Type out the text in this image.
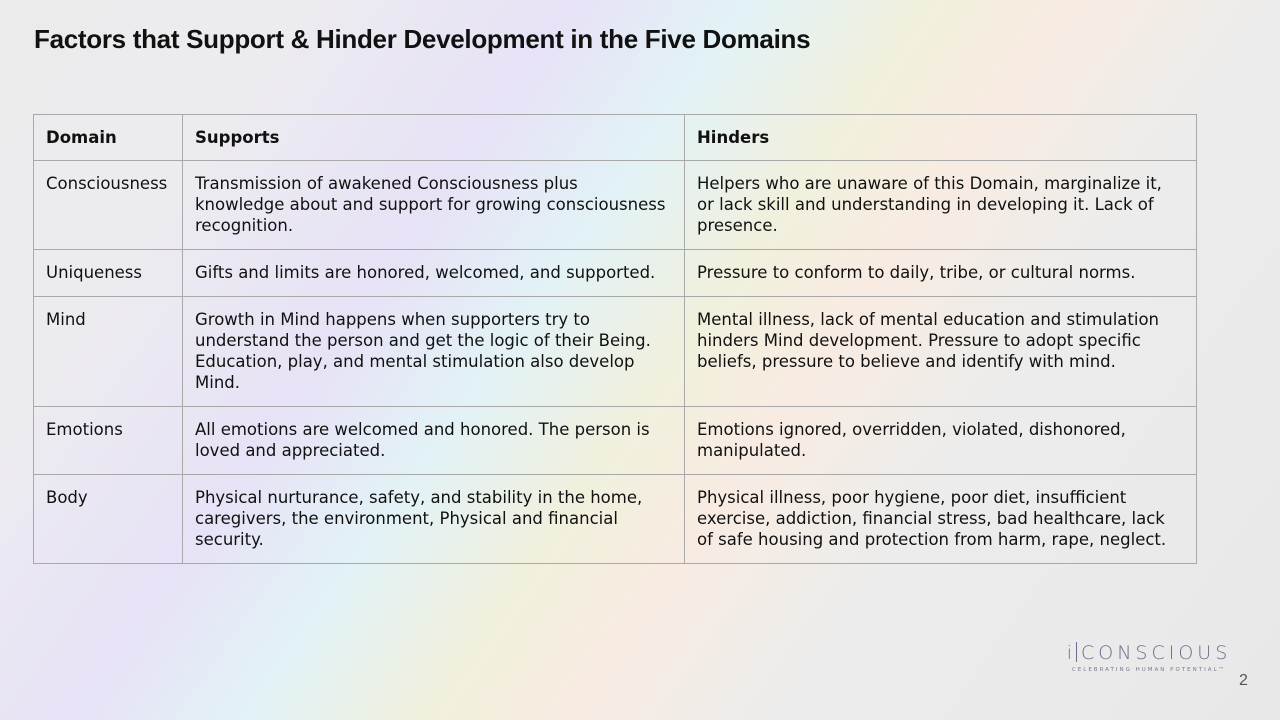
Factors that Support & Hinder Development in the Five Domains
Domain	Supports	Hinders
Consciousness	Transmission of awakened Consciousness plus knowledge about and support for growing consciousness recognition.	Helpers who are unaware of this Domain, marginalize it, or lack skill and understanding in developing it. Lack of presence.
Uniqueness	Gifts and limits are honored, welcomed, and supported.	Pressure to conform to daily, tribe, or cultural norms.
Mind	Growth in Mind happens when supporters try to understand the person and get the logic of their Being. Education, play, and mental stimulation also develop Mind.	Mental illness, lack of mental education and stimulation hinders Mind development. Pressure to adopt specific beliefs, pressure to believe and identify with mind.
Emotions	All emotions are welcomed and honored. The person is loved and appreciated.	Emotions ignored, overridden, violated, dishonored, manipulated.
Body	Physical nurturance, safety, and stability in the home, caregivers, the environment, Physical and financial security.	Physical illness, poor hygiene, poor diet, insufficient exercise, addiction, financial stress, bad healthcare, lack of safe housing and protection from harm, rape, neglect.
i CONSCIOUS
CELEBRATING HUMAN POTENTIAL™
2
